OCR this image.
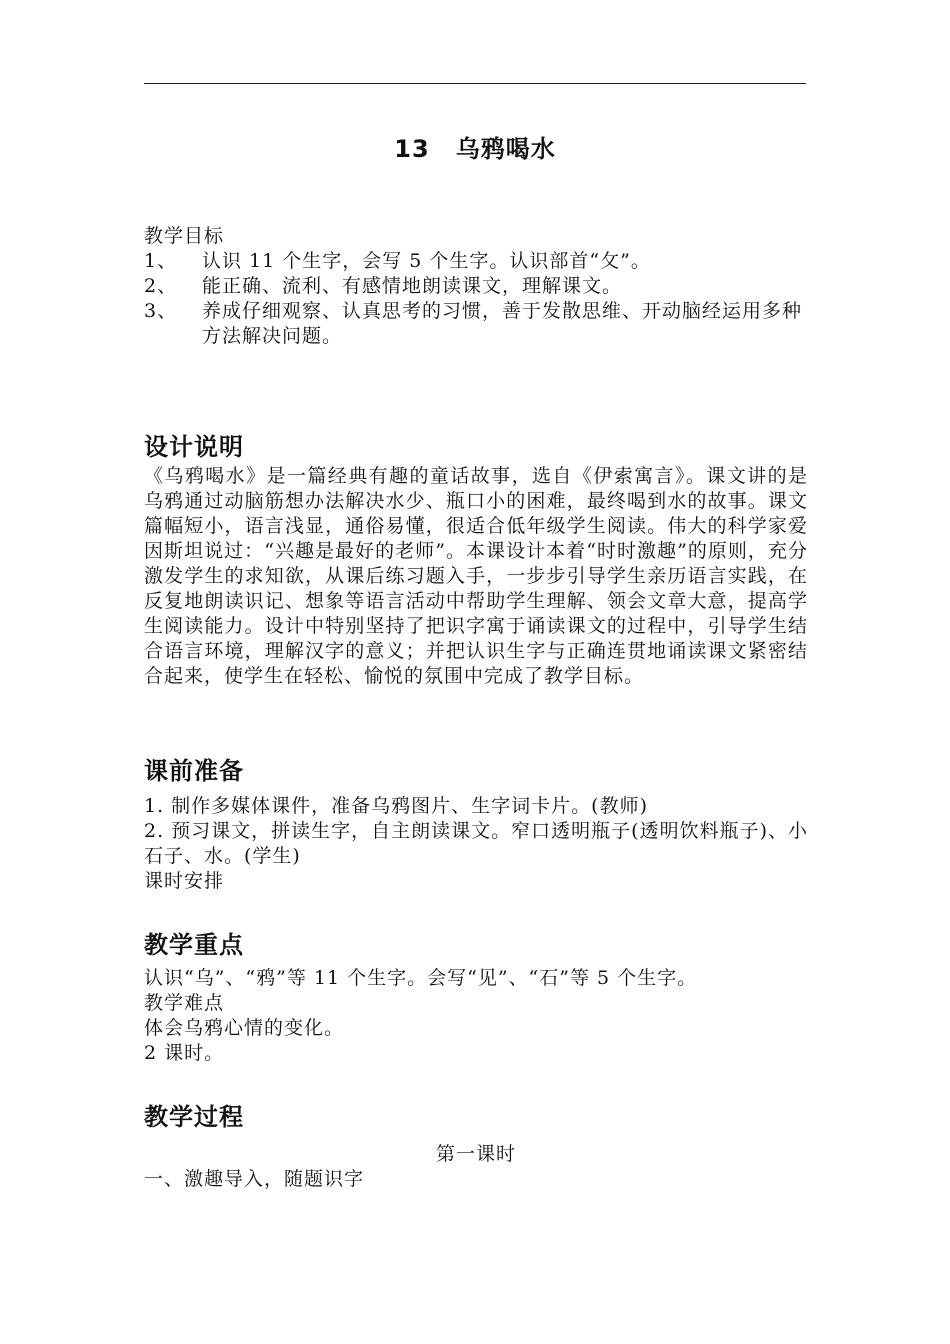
13 乌鸦喝水

教学目标

1、	认识 11 个生字，会写 5 个生字。认识部首“攵”。
2、	能正确、流利、有感情地朗读课文，理解课文。
3、	养成仔细观察、认真思考的习惯，善于发散思维、开动脑经运用多种方法解决问题。

设计说明

《乌鸦喝水》是一篇经典有趣的童话故事，选自《伊索寓言》。课文讲的是乌鸦通过动脑筋想办法解决水少、瓶口小的困难，最终喝到水的故事。课文篇幅短小，语言浅显，通俗易懂，很适合低年级学生阅读。伟大的科学家爱因斯坦说过：“兴趣是最好的老师”。本课设计本着“时时激趣”的原则，充分激发学生的求知欲，从课后练习题入手，一步步引导学生亲历语言实践，在反复地朗读识记、想象等语言活动中帮助学生理解、领会文章大意，提高学生阅读能力。设计中特别坚持了把识字寓于诵读课文的过程中，引导学生结合语言环境，理解汉字的意义；并把认识生字与正确连贯地诵读课文紧密结合起来，使学生在轻松、愉悦的氛围中完成了教学目标。

课前准备

1. 制作多媒体课件，准备乌鸦图片、生字词卡片。(教师)

2. 预习课文，拼读生字，自主朗读课文。窄口透明瓶子(透明饮料瓶子)、小石子、水。(学生)

课时安排

教学重点

认识“乌”、“鸦”等 11 个生字。会写“见”、“石”等 5 个生字。

教学难点

体会乌鸦心情的变化。

2 课时。

教学过程

第一课时

一、激趣导入，随题识字
